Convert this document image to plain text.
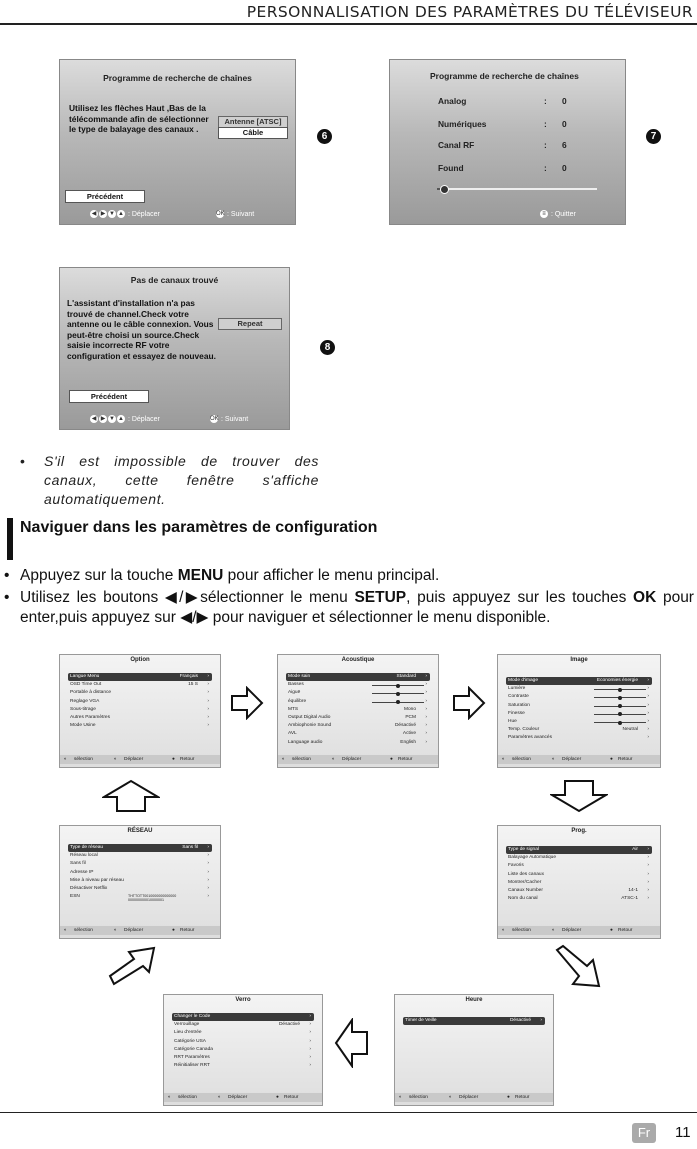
PERSONNALISATION DES PARAMÈTRES DU TÉLÉVISEUR
Programme de recherche de chaînes
Utilisez les flèches Haut ,Bas de la télécommande afin de sélectionner le type de balayage des canaux .
Antenne [ATSC]
Câble
Précédent
◀ ▶ ▼ ▲ : Déplacer	OK : Suivant
6
Programme de recherche de chaînes
Analog	: 0
Numériques	: 0
Canal RF	: 6
Found	: 0
≡ : Quitter
7
Pas de canaux trouvé
L'assistant d'installation n'a pas trouvé de channel.Check votre antenne ou le câble connexion. Vous peut-être choisi un source.Check saisie incorrecte RF votre configuration et essayez de nouveau.
Repeat
Précédent
◀ ▶ ▼ ▲ : Déplacer	OK : Suivant
8
• S'il est impossible de trouver des canaux, cette fenêtre s'affiche automatiquement.
Naviguer dans les paramètres de configuration
• Appuyez sur la touche MENU pour afficher le menu principal.
• Utilisez les boutons ◀/▶sélectionner le menu SETUP, puis appuyez sur les touches OK pour enter,puis appuyez sur ◀/▶ pour naviguer et sélectionner le menu disponible.
Option
Langue Menu	Français ›
OSD Time Out	15 S ›
Portable à distance	›
Reglage VGA	›
Sous-titrage	›
Autres Paramètres	›
Mode Usine	›
◐ sélection	◐ Déplacer	● Retour
Acoustique
Mode sain	Standard ›
Basses	›
Aiguë	›
équilibre	›
MTS	Mono ›
Output Digital Audio	PCM ›
Ambiophonie Sound	Désactivé ›
AVL	Active ›
Language audio	English ›
◐ sélection	◐ Déplacer	● Retour
Image
Mode d'image	Economies énergie ›
Lumière	›
Contraste	›
Saturation	›
Finesse	›
Hue	›
Temp. Couleur	Neutral ›
Paramètres avancés	›
◐ sélection	◐ Déplacer	● Retour
RÉSEAU
Type de réseau	Sans fil ›
Réseau local	›
Sans fil	›
Adresse IP	›
Mise à niveau par réseau	›
Désactiver Netflix	›
ESN	THTTOTT0010000000000000 000000000010000001
›
◐ sélection	◐ Déplacer	● Retour
Prog.
Type de signal	Air ›
Balayage Automatique	›
Favoris	›
Liste des canaux	›
Montrer/Cacher	›
Canaux Number	14-1 ›
Nom du canal	ATSC-1 ›
◐ sélection	◐ Déplacer	● Retour
Verro
Changer le Code	›
Verrouillage	Désactivé ›
Lieu d'entrée	›
Catégorie USA	›
Catégorie Canada	›
RRT Paramètres	›
Réinitialiser RRT	›
◐ sélection	◐ Déplacer	● Retour
Heure
Timer de Veille	Désactivé ›
◐ sélection	◐ Déplacer	● Retour
Fr	11
